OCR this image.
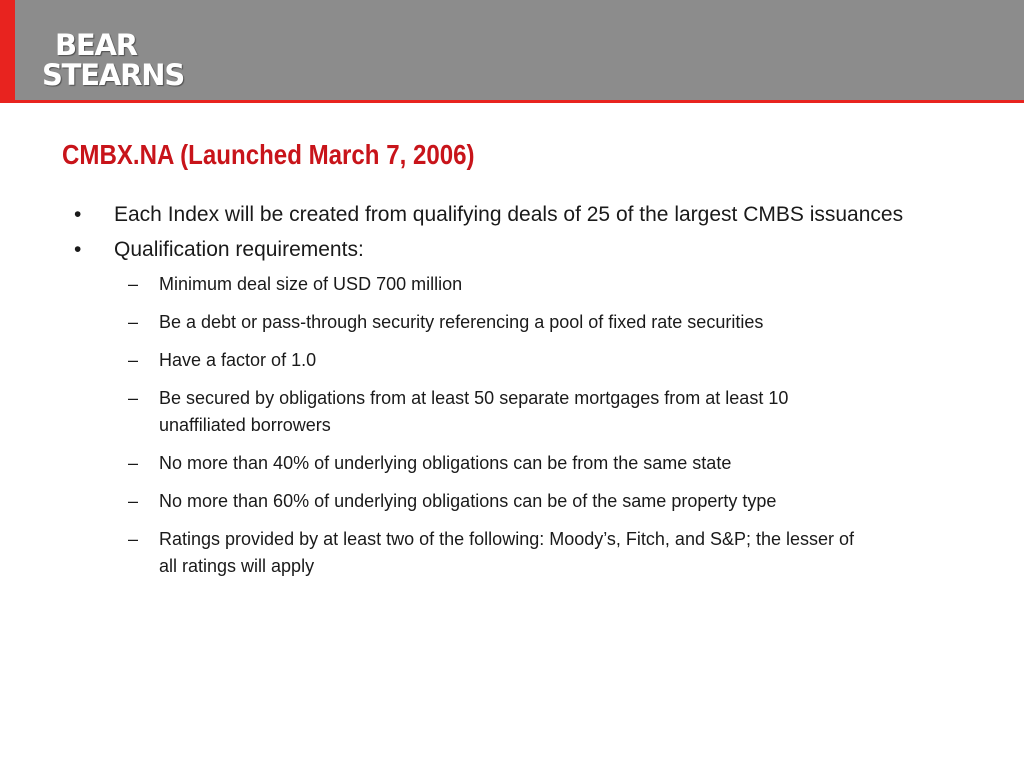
BEAR
STEARNS
CMBX.NA (Launched March 7, 2006)
• Each Index will be created from qualifying deals of 25 of the largest CMBS issuances
• Qualification requirements:
– Minimum deal size of USD 700 million
– Be a debt or pass-through security referencing a pool of fixed rate securities
– Have a factor of 1.0
– Be secured by obligations from at least 50 separate mortgages from at least 10 unaffiliated borrowers
– No more than 40% of underlying obligations can be from the same state
– No more than 60% of underlying obligations can be of the same property type
– Ratings provided by at least two of the following: Moody’s, Fitch, and S&P; the lesser of all ratings will apply
